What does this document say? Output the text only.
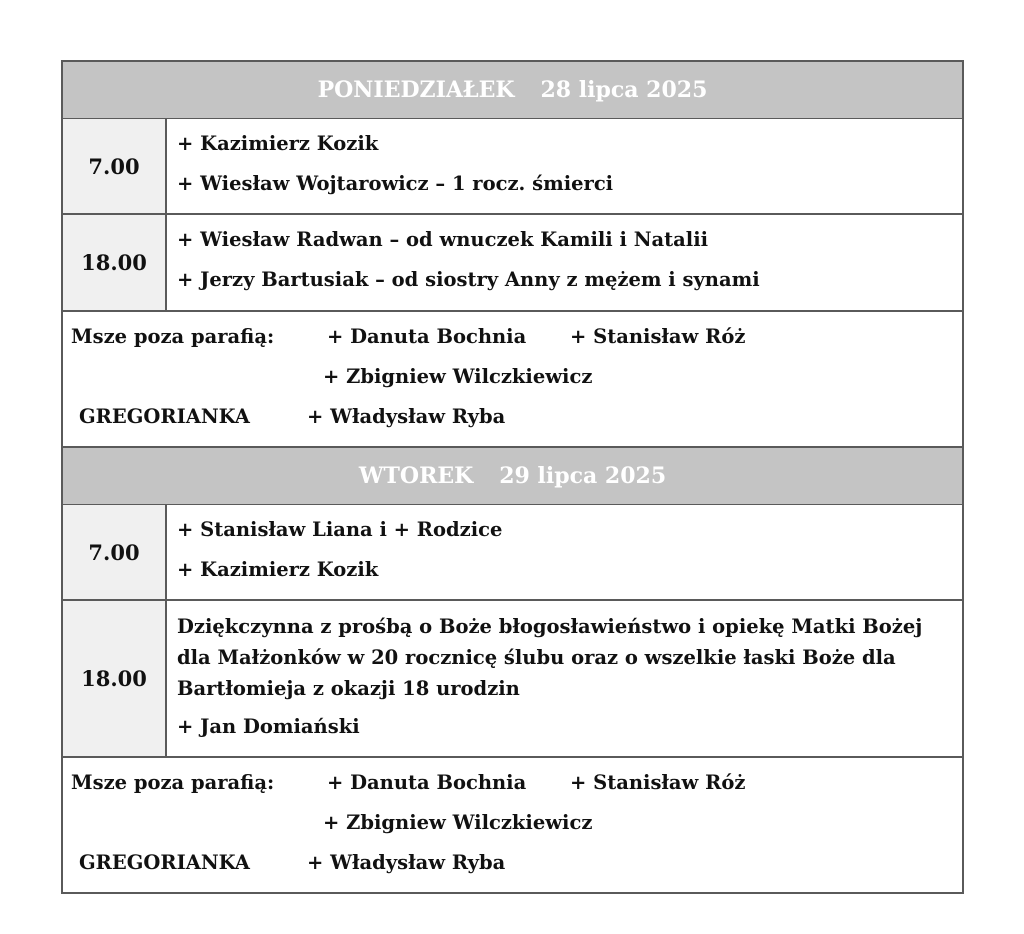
PONIEDZIAŁEK 28 lipca 2025
7.00
+ Kazimierz Kozik
+ Wiesław Wojtarowicz – 1 rocz. śmierci
18.00
+ Wiesław Radwan – od wnuczek Kamili i Natalii
+ Jerzy Bartusiak – od siostry Anny z mężem i synami
Msze poza parafią:	+ Danuta Bochnia + Stanisław Róż
+ Zbigniew Wilczkiewicz
GREGORIANKA	+ Władysław Ryba
WTOREK 29 lipca 2025
7.00
+ Stanisław Liana i + Rodzice
+ Kazimierz Kozik
18.00
Dziękczynna z prośbą o Boże błogosławieństwo i opiekę Matki Bożej dla Małżonków w 20 rocznicę ślubu oraz o wszelkie łaski Boże dla Bartłomieja z okazji 18 urodzin
+ Jan Domiański
Msze poza parafią:	+ Danuta Bochnia + Stanisław Róż
+ Zbigniew Wilczkiewicz
GREGORIANKA	+ Władysław Ryba
